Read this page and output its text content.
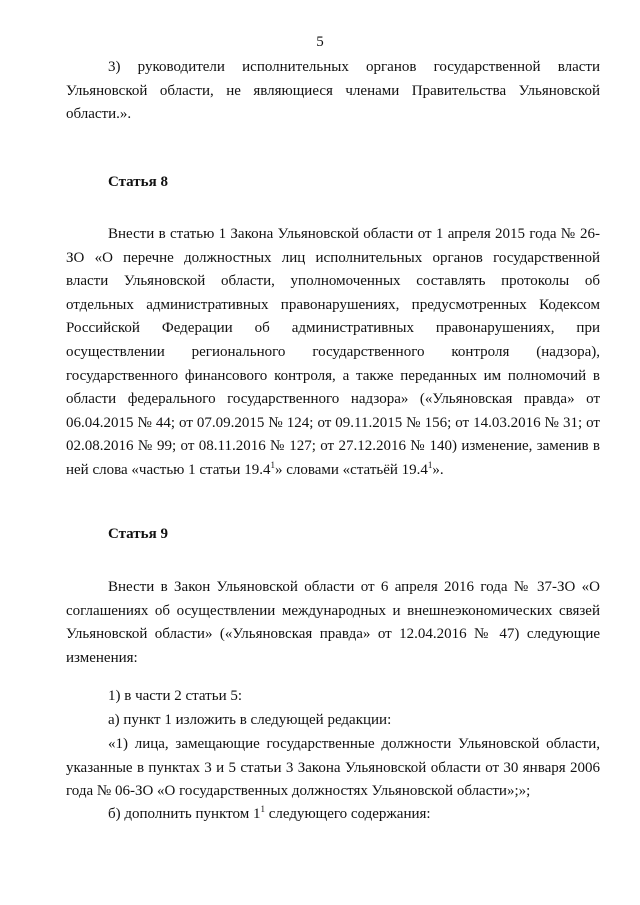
5

3) руководители исполнительных органов государственной власти Ульяновской области, не являющиеся членами Правительства Ульяновской области.».

Статья 8

Внести в статью 1 Закона Ульяновской области от 1 апреля 2015 года № 26-ЗО «О перечне должностных лиц исполнительных органов государственной власти Ульяновской области, уполномоченных составлять протоколы об отдельных административных правонарушениях, предусмотренных Кодексом Российской Федерации об административных правонарушениях, при осуществлении регионального государственного контроля (надзора), государственного финансового контроля, а также переданных им полномочий в области федерального государственного надзора» («Ульяновская правда» от 06.04.2015 № 44; от 07.09.2015 № 124; от 09.11.2015 № 156; от 14.03.2016 № 31; от 02.08.2016 № 99; от 08.11.2016 № 127; от 27.12.2016 № 140) изменение, заменив в ней слова «частью 1 статьи 19.4$^1$» словами «статьёй 19.4$^1$».

Статья 9

Внести в Закон Ульяновской области от 6 апреля 2016 года № 37-ЗО «О соглашениях об осуществлении международных и внешнеэкономических связей Ульяновской области» («Ульяновская правда» от 12.04.2016 № 47) следующие изменения:

1) в части 2 статьи 5:
а) пункт 1 изложить в следующей редакции:

«1) лица, замещающие государственные должности Ульяновской области, указанные в пунктах 3 и 5 статьи 3 Закона Ульяновской области от 30 января 2006 года № 06-ЗО «О государственных должностях Ульяновской области»;»;

б) дополнить пунктом $1^1$ следующего содержания:
